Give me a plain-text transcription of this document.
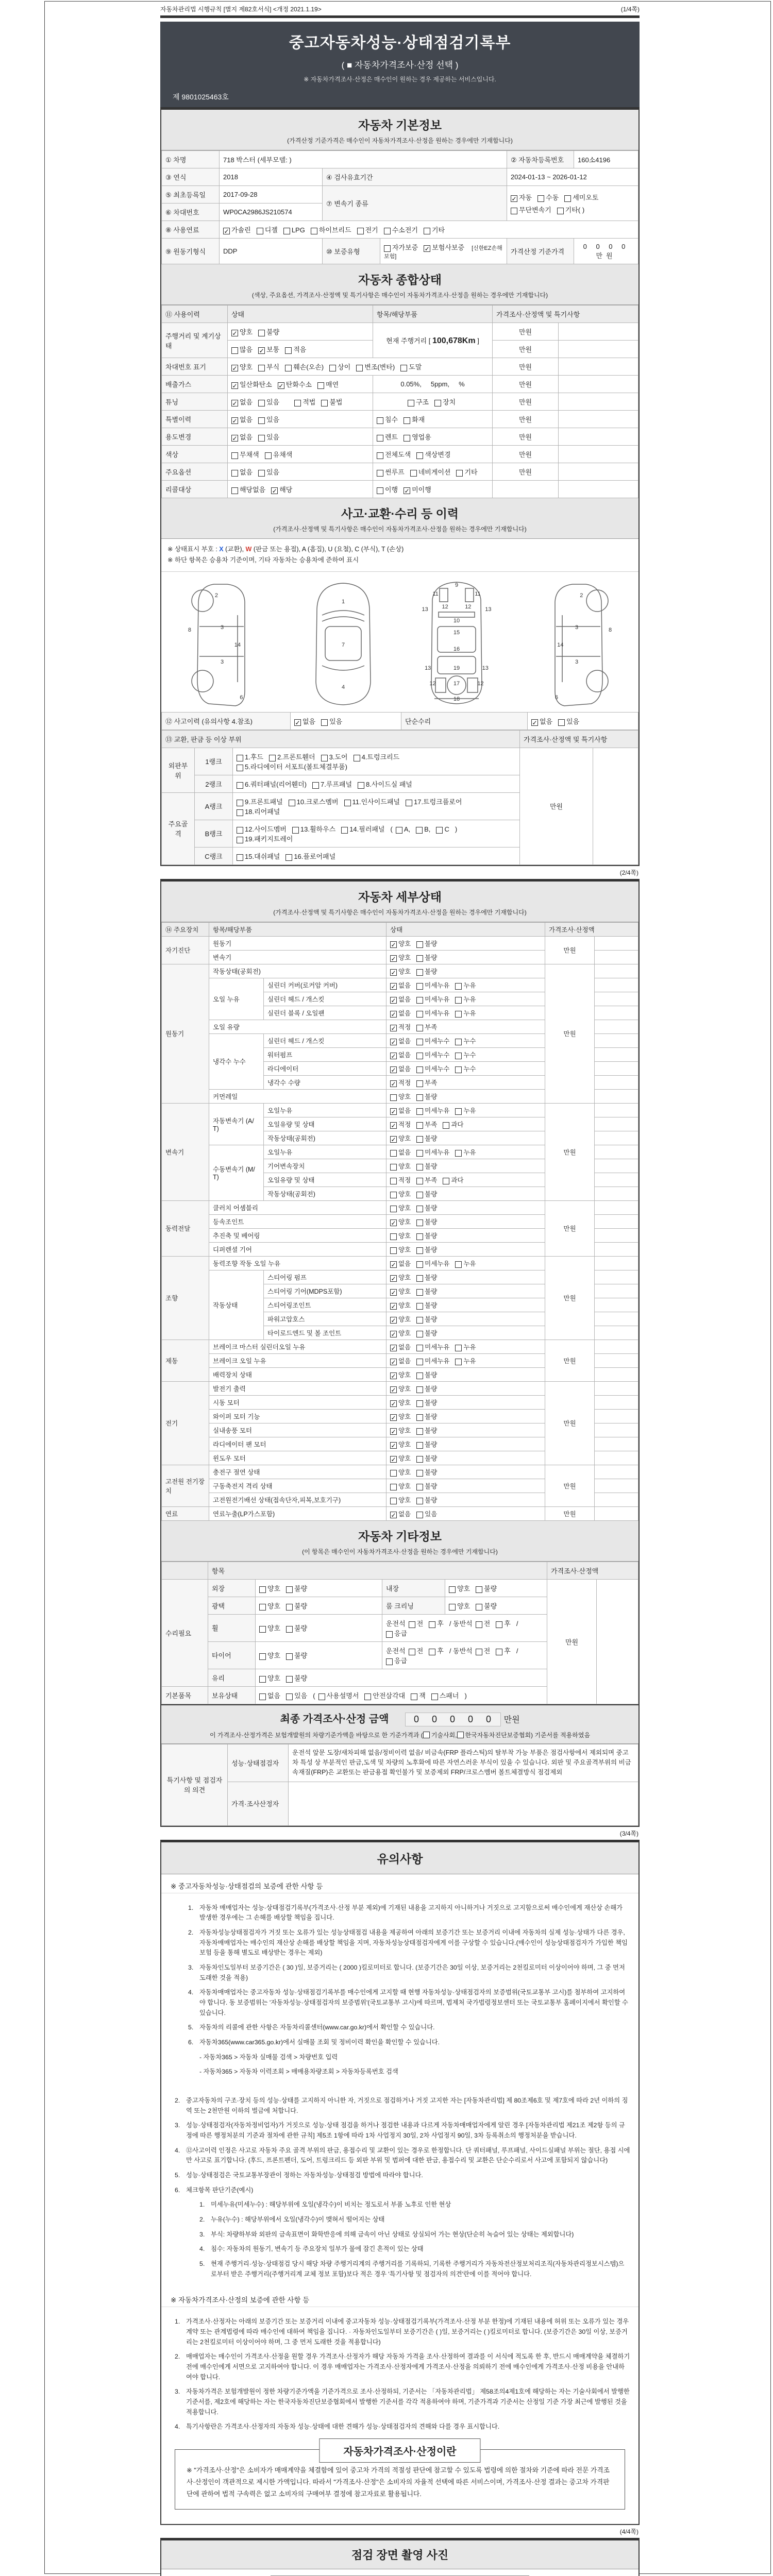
자동차관리법 시행규칙 [별지 제82호서식] <개정 2021.1.19>	(1/4쪽)
중고자동차성능·상태점검기록부
( ■ 자동차가격조사·산정 선택 )
※ 자동차가격조사·산정은 매수인이 원하는 경우 제공하는 서비스입니다.
제 9801025463호
자동차 기본정보
(가격산정 기준가격은 매수인이 자동차가격조사·산정을 원하는 경우에만 기재합니다)
① 차명	718 박스터 (세부모델: )			② 자동차등록번호	160소4196
③ 연식	2018	④ 검사유효기간		2024-01-13 ~ 2026-01-12	
⑤ 최초등록일	2017-09-28	⑦ 변속기 종류		✓ 자동 수동 세미오토
무단변속기 기타( )	

⑥ 차대번호	WP0CA2986JS210574				
⑧ 사용연료	✓ 가솔린 디젤 LPG 하이브리드 전기 수소전기 기타				
⑨ 원동기형식	DDP	⑩ 보증유형	자가보증 ✓ 보험사보증 [신한EZ손해보험]	가격산정 기준가격	0 0 0 0 만원
자동차 종합상태
(색상, 주요옵션, 가격조사·산정액 및 특기사항은 매수인이 자동차가격조사·산정을 원하는 경우에만 기재합니다)
⑪ 사용이력	상태	항목/해당부품	가격조사·산정액 및 특기사항	
주행거리 및 계기상태	✓ 양호 불량	현재 주행거리 [ 100,678Km ]	만원	
	많음 ✓ 보통 적음		만원	
차대번호 표기	✓ 양호 부식 훼손(오손) 상이 변조(변타) 도말		만원	
배출가스	✓ 일산화탄소 ✓ 탄화수소 매연	0.05%,     5ppm,     %	만원	
튜닝	✓ 없음 있음 적법 불법	구조 장치	만원	
특별이력	✓ 없음 있음	침수 화재	만원	
용도변경	✓ 없음 있음	렌트 영업용	만원	
색상	무채색 유채색	전체도색 색상변경	만원	
주요옵션	없음 있음	썬루프 네비게이션 기타	만원	
리콜대상	해당없음 ✓ 해당	이행 ✓ 미이행		
사고·교환·수리 등 이력
(가격조사·산정액 및 특기사항은 매수인이 자동차가격조사·산정을 원하는 경우에만 기재합니다)
※ 상태표시 부호 : X (교환), W (판금 또는 용접), A (흠집), U (요철), C (부식), T (손상)
※ 하단 항목은 승용차 기준이며, 기타 자동차는 승용차에 준하여 표시
2
8	3
14
3
6
1
7
4
9
11	11
13 12	12 13
10
15
16
13	19	13
12	17	12
18
2
8
3
14
3
6
⑫ 사고이력 (유의사항 4.참조)	✓ 없음 있음	단순수리	✓ 없음 있음
⑬ 교환, 판금 등 이상 부위			가격조사·산정액 및 특기사항	
외판부위	1랭크	1.후드 2.프론트휀더 3.도어 4.트렁크리드
5.라디에이터 서포트(볼트체결부품)	만원	
	2랭크	6.쿼터패널(리어휀더) 7.루프패널 8.사이드실 패널		
주요골격	A랭크	9.프론트패널 10.크로스멤버 11.인사이드패널 17.트렁크플로어
18.리어패널		
	B랭크	12.사이드멤버 13.휠하우스 14.필러패널 ( A, B, C )
19.패키지트레이		
	C랭크	15.대쉬패널 16.플로어패널		
(2/4쪽)
자동차 세부상태
(가격조사·산정액 및 특기사항은 매수인이 자동차가격조사·산정을 원하는 경우에만 기재합니다)
⑭ 주요장치	항목/해당부품		상태	가격조사·산정액	
자기진단	원동기		✓ 양호 불량	만원	
	변속기		✓ 양호 불량		
원동기	작동상태(공회전)		✓ 양호 불량	만원	
	오일 누유	실린더 커버(로커암 커버)	✓ 없음 미세누유 누유		
		실린더 헤드 / 개스킷	✓ 없음 미세누유 누유		
		실린더 블록 / 오일팬	✓ 없음 미세누유 누유		
	오일 유량		✓ 적정 부족		
	냉각수 누수	실린더 헤드 / 개스킷	✓ 없음 미세누수 누수		
		워터펌프	✓ 없음 미세누수 누수		
		라디에이터	✓ 없음 미세누수 누수		
		냉각수 수량	✓ 적정 부족		
	커먼레일		양호 불량		
변속기	자동변속기 (A/T)	오일누유	✓ 없음 미세누유 누유	만원	
		오일유량 및 상태	✓ 적정 부족 과다		
		작동상태(공회전)	✓ 양호 불량		
	수동변속기 (M/T)	오일누유	없음 미세누유 누유		
		기어변속장치	양호 불량		
		오일유량 및 상태	적정 부족 과다		
		작동상태(공회전)	양호 불량		
동력전달	클러치 어셈블리		양호 불량	만원	
	등속조인트		✓ 양호 불량		
	추진축 및 베어링		양호 불량		
	디퍼렌셜 기어		양호 불량		
조향	동력조향 작동 오일 누유		✓ 없음 미세누유 누유	만원	
	작동상태	스티어링 펌프	✓ 양호 불량		
		스티어링 기어(MDPS포함)	✓ 양호 불량		
		스티어링조인트	✓ 양호 불량		
		파워고압호스	✓ 양호 불량		
		타이로드엔드 및 볼 조인트	✓ 양호 불량		
제동	브레이크 마스터 실린더오일 누유		✓ 없음 미세누유 누유	만원	
	브레이크 오일 누유		✓ 없음 미세누유 누유		
	배력장치 상태		✓ 양호 불량		
전기	발전기 출력		✓ 양호 불량	만원	
	시동 모터		✓ 양호 불량		
	와이퍼 모터 기능		✓ 양호 불량		
	실내송풍 모터		✓ 양호 불량		
	라디에이터 팬 모터		✓ 양호 불량		
	윈도우 모터		✓ 양호 불량		
고전원 전기장치	충전구 절연 상태		양호 불량	만원	
	구동축전지 격리 상태		양호 불량		
	고전원전기배선 상태(접속단자,피복,보호기구)		양호 불량		
연료	연료누출(LP가스포함)		✓ 없음 있음	만원	
자동차 기타정보
(이 항목은 매수인이 자동차가격조사·산정을 원하는 경우에만 기재합니다)
	항목				가격조사·산정액	
수리필요	외장	양호 불량	내장	양호 불량	만원	
	광택	양호 불량	룸 크리닝	양호 불량		
	휠	양호 불량	운전석 전 후 / 동반석 전 후 /응급			
	타이어	양호 불량	운전석 전 후 / 동반석 전 후 /응급			
	유리	양호 불량				
기본품목	보유상태	없음 있음 ( 사용설명서 안전삼각대 잭 스패너 )				
최종 가격조사·산정 금액	0 0 0 0 0 만원
이 가격조사·산정가격은 보험개발원의 차량기준가액을 바탕으로 한 기준가격과 ( 기술사회, 한국자동차진단보증협회) 기준서를 적용하였음
특기사항 및 점검자의 의견	성능·상태점검자	운전석 앞문 도장/새차피해 없음/정비이력 없음/ 비금속(FRP 플라스틱)의 탈부착 가능 부품은 점검사항에서 제외되며 중고차 특성 상 부분적인 판금,도색 및 차량의 노후화에 따른 자연스러운 부식이 있을 수 있습니다. 외판 및 주요골격부위의 비금속재질(FRP)은 교환또는 판금용접 확인불가 및 보증제외 FRP/크로스멤버 볼트체결방식 점검제외
	가격·조사산정자	
(3/4쪽)
유의사항
※ 중고자동차성능·상태점검의 보증에 관한 사항 등
1. 자동차 매매업자는 성능·상태점검기록부(가격조사·산정 부분 제외)에 기재된 내용을 고지하지 아니하거나 거짓으로 고지함으로써 매수인에게 재산상 손해가 발생한 경우에는 그 손해를 배상할 책임을 집니다.
2. 자동차성능상태점검자가 거짓 또는 오류가 있는 성능상태점검 내용을 제공하여 아래의 보증기간 또는 보증거리 이내에 자동차의 실제 성능·상태가 다른 경우, 자동차매매업자는 매수인의 재산상 손해를 배상할 책임을 지며, 자동차성능상태점검자에게 이를 구상할 수 있습니다.(매수인이 성능상태점검자가 가입한 책임보험 등을 통해 별도로 배상받는 경우는 제외)
3. 자동차인도일부터 보증기간은 ( 30 )일, 보증거리는 ( 2000 )킬로미터로 합니다. (보증기간은 30일 이상, 보증거리는 2천킬로미터 이상이어야 하며, 그 중 먼저 도래한 것을 적용)
4. 자동차매매업자는 중고자동차 성능·상태점검기록부를 매수인에게 고지할 때 현행 자동차성능·상태점검자의 보증범위(국토교통부 고시)를 첨부하여 고지하여야 합니다. 동 보증범위는 '자동차성능·상태점검자의 보증범위'(국토교통부 고시)에 따르며, 법제처 국가법령정보센터 또는 국토교통부 홈페이지에서 확인할 수 있습니다.
5. 자동차의 리콜에 관한 사항은 자동차리콜센터(www.car.go.kr)에서 확인할 수 있습니다.
6. 자동차365(www.car365.go.kr)에서 실매물 조회 및 정비이력 확인을 확인할 수 있습니다.
- 자동차365 > 자동차 실매물 검색 > 차량번호 입력
- 자동차365 > 자동차 이력조회 > 매매용차량조회 > 자동차등록번호 검색
2. 중고자동차의 구조·장치 등의 성능·상태를 고지하지 아니한 자, 거짓으로 점검하거나 거짓 고지한 자는 [자동차관리법] 제 80조제6호 및 제7호에 따라 2년 이하의 징역 또는 2천만원 이하의 벌금에 처합니다.
3. 성능·상태점검자(자동차정비업자)가 거짓으로 성능·상태 점검을 하거나 점검한 내용과 다르게 자동차매매업자에게 알린 경우 [자동차관리법 제21조 제2항 등의 규정에 따른 행정처분의 기준과 절차에 관한 규칙] 제5조 1항에 따라 1차 사업정지 30일, 2차 사업정지 90일, 3차 등록취소의 행정처분을 받습니다.
4. ⑫사고이력 인정은 사고로 자동차 주요 골격 부위의 판금, 용접수리 및 교환이 있는 경우로 한정합니다. 단 쿼터패널, 루프패널, 사이드실패널 부위는 절단, 용접 시에만 사고로 표기합니다. (후드, 프론트펜더, 도어, 트렁크리드 등 외판 부위 및 범퍼에 대한 판금, 용접수리 및 교환은 단순수리로서 사고에 포함되지 않습니다)
5. 성능·상태점검은 국토교통부장관이 정하는 자동차성능·상태점검 방법에 따라야 합니다.
6. 체크항목 판단기준(예시)
1. 미세누유(미세누수) : 해당부위에 오일(냉각수)이 비치는 정도로서 부품 노후로 인한 현상
2. 누유(누수) : 해당부위에서 오일(냉각수)이 맺혀서 떨어지는 상태
3. 부식: 차량하부와 외판의 금속표면이 화학반응에 의해 금속이 아닌 상태로 상실되어 가는 현상(단순히 녹슬어 있는 상태는 제외합니다)
4. 침수: 자동차의 원동기, 변속기 등 주요장치 일부가 물에 잠긴 흔적이 있는 상태
5. 현재 주행거리·성능·상태점검 당시 해당 차량 주행거리계의 주행거리를 기록하되, 기록한 주행거리가 자동차전산정보처리조직(자동차관리정보시스템)으로부터 받은 주행거리(주행거리계 교체 정보 포함)보다 적은 경우 '특기사항 및 점검자의 의견'란에 이를 적어야 합니다.
※ 자동차가격조사·산정의 보증에 관한 사항 등
1. 가격조사·산정자는 아래의 보증기간 또는 보증거리 이내에 중고자동차 성능·상태점검기록부(가격조사·산정 부분 한정)에 기재된 내용에 허위 또는 오류가 있는 경우 계약 또는 관계법령에 따라 매수인에 대하여 책임을 집니다. · 자동차인도일부터 보증기간은 ( )일, 보증거리는 ( )킬로미터로 합니다. (보증기간은 30일 이상, 보증거리는 2천킬로미터 이상이어야 하며, 그 중 먼저 도래한 것을 적용합니다)
2. 매매업자는 매수인이 가격조사·산정을 원할 경우 가격조사·산정자가 해당 자동차 가격을 조사·산정하여 결과를 이 서식에 적도록 한 후, 반드시 매매계약을 체결하기 전에 매수인에게 서면으로 고지하여야 합니다. 이 경우 매매업자는 가격조사·산정자에게 가격조사·산정을 의뢰하기 전에 매수인에게 가격조사·산정 비용을 안내하여야 합니다.
3. 자동차가격은 보험개발원이 정한 차량기준가액을 기준가격으로 조사·산정하되, 기준서는 「자동차관리법」 제58조의4제1호에 해당하는 자는 기술사회에서 발행한 기준서를, 제2호에 해당하는 자는 한국자동차진단보증협회에서 발행한 기준서를 각각 적용하여야 하며, 기준가격과 기준서는 산정일 기준 가장 최근에 발행된 것을 적용합니다.
4. 특기사항란은 가격조사·산정자의 자동차 성능·상태에 대한 견해가 성능·상태점검자의 견해와 다를 경우 표시합니다.
자동차가격조사·산정이란
※ "가격조사·산정"은 소비자가 매매계약을 체결함에 있어 중고차 가격의 적절성 판단에 참고할 수 있도록 법령에 의한 절차와 기준에 따라 전문 가격조사·산정인이 객관적으로 제시한 가액입니다. 따라서 "가격조사·산정"은 소비자의 자율적 선택에 따른 서비스이며, 가격조사·산정 결과는 중고차 가격판단에 관하여 법적 구속력은 없고 소비자의 구매여부 결정에 참고자료로 활용됩니다.
(4/4쪽)
점검 장면 촬영 사진
